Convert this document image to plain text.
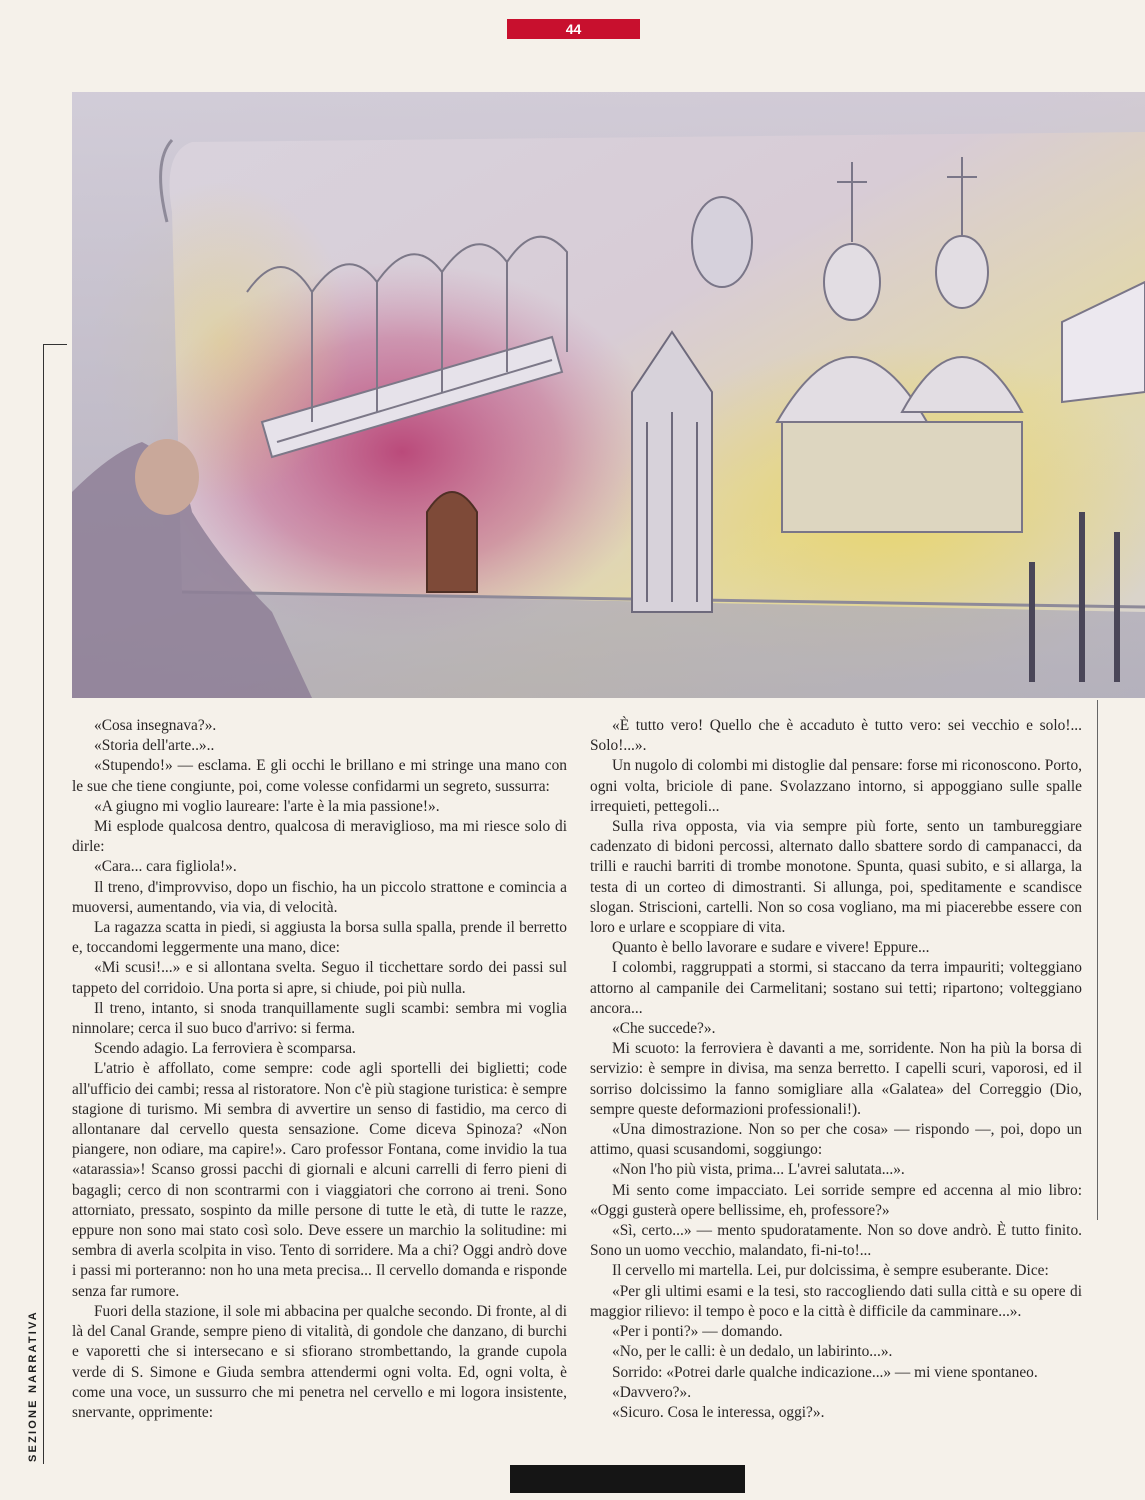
44
SEZIONE NARRATIVA

«Cosa insegnava?».

«Storia dell'arte..»..

«Stupendo!» — esclama. E gli occhi le brillano e mi stringe una mano con le sue che tiene congiunte, poi, come volesse confidarmi un segreto, sussurra:

«A giugno mi voglio laureare: l'arte è la mia passione!».

Mi esplode qualcosa dentro, qualcosa di meraviglioso, ma mi riesce solo di dirle:

«Cara... cara figliola!».

Il treno, d'improvviso, dopo un fischio, ha un piccolo strattone e comincia a muoversi, aumentando, via via, di velocità.

La ragazza scatta in piedi, si aggiusta la borsa sulla spalla, prende il berretto e, toccandomi leggermente una mano, dice:

«Mi scusi!...» e si allontana svelta. Seguo il ticchettare sordo dei passi sul tappeto del corridoio. Una porta si apre, si chiude, poi più nulla.

Il treno, intanto, si snoda tranquillamente sugli scambi: sembra mi voglia ninnolare; cerca il suo buco d'arrivo: si ferma.

Scendo adagio. La ferroviera è scomparsa.

L'atrio è affollato, come sempre: code agli sportelli dei biglietti; code all'ufficio dei cambi; ressa al ristoratore. Non c'è più stagione turistica: è sempre stagione di turismo. Mi sembra di avvertire un senso di fastidio, ma cerco di allontanare dal cervello questa sensazione. Come diceva Spinoza? «Non piangere, non odiare, ma capire!». Caro professor Fontana, come invidio la tua «atarassia»! Scanso grossi pacchi di giornali e alcuni carrelli di ferro pieni di bagagli; cerco di non scontrarmi con i viaggiatori che corrono ai treni. Sono attorniato, pressato, sospinto da mille persone di tutte le età, di tutte le razze, eppure non sono mai stato così solo. Deve essere un marchio la solitudine: mi sembra di averla scolpita in viso. Tento di sorridere. Ma a chi? Oggi andrò dove i passi mi porteranno: non ho una meta precisa... Il cervello domanda e risponde senza far rumore.

Fuori della stazione, il sole mi abbacina per qualche secondo. Di fronte, al di là del Canal Grande, sempre pieno di vitalità, di gondole che danzano, di burchi e vaporetti che si intersecano e si sfiorano strombettando, la grande cupola verde di S. Simone e Giuda sembra attendermi ogni volta. Ed, ogni volta, è come una voce, un sussurro che mi penetra nel cervello e mi logora insistente, snervante, opprimente:

«È tutto vero! Quello che è accaduto è tutto vero: sei vecchio e solo!... Solo!...».

Un nugolo di colombi mi distoglie dal pensare: forse mi riconoscono. Porto, ogni volta, briciole di pane. Svolazzano intorno, si appoggiano sulle spalle irrequieti, pettegoli...

Sulla riva opposta, via via sempre più forte, sento un tambureggiare cadenzato di bidoni percossi, alternato dallo sbattere sordo di campanacci, da trilli e rauchi barriti di trombe monotone. Spunta, quasi subito, e si allarga, la testa di un corteo di dimostranti. Si allunga, poi, speditamente e scandisce slogan. Striscioni, cartelli. Non so cosa vogliano, ma mi piacerebbe essere con loro e urlare e scoppiare di vita.

Quanto è bello lavorare e sudare e vivere! Eppure...

I colombi, raggruppati a stormi, si staccano da terra impauriti; volteggiano attorno al campanile dei Carmelitani; sostano sui tetti; ripartono; volteggiano ancora...

«Che succede?».

Mi scuoto: la ferroviera è davanti a me, sorridente. Non ha più la borsa di servizio: è sempre in divisa, ma senza berretto. I capelli scuri, vaporosi, ed il sorriso dolcissimo la fanno somigliare alla «Galatea» del Correggio (Dio, sempre queste deformazioni professionali!).

«Una dimostrazione. Non so per che cosa» — rispondo —, poi, dopo un attimo, quasi scusandomi, soggiungo:

«Non l'ho più vista, prima... L'avrei salutata...».

Mi sento come impacciato. Lei sorride sempre ed accenna al mio libro: «Oggi gusterà opere bellissime, eh, professore?»

«Sì, certo...» — mento spudoratamente. Non so dove andrò. È tutto finito. Sono un uomo vecchio, malandato, fi-ni-to!...

Il cervello mi martella. Lei, pur dolcissima, è sempre esuberante. Dice:

«Per gli ultimi esami e la tesi, sto raccogliendo dati sulla città e su opere di maggior rilievo: il tempo è poco e la città è difficile da camminare...».

«Per i ponti?» — domando.

«No, per le calli: è un dedalo, un labirinto...».

Sorrido: «Potrei darle qualche indicazione...» — mi viene spontaneo.

«Davvero?».

«Sicuro. Cosa le interessa, oggi?».
